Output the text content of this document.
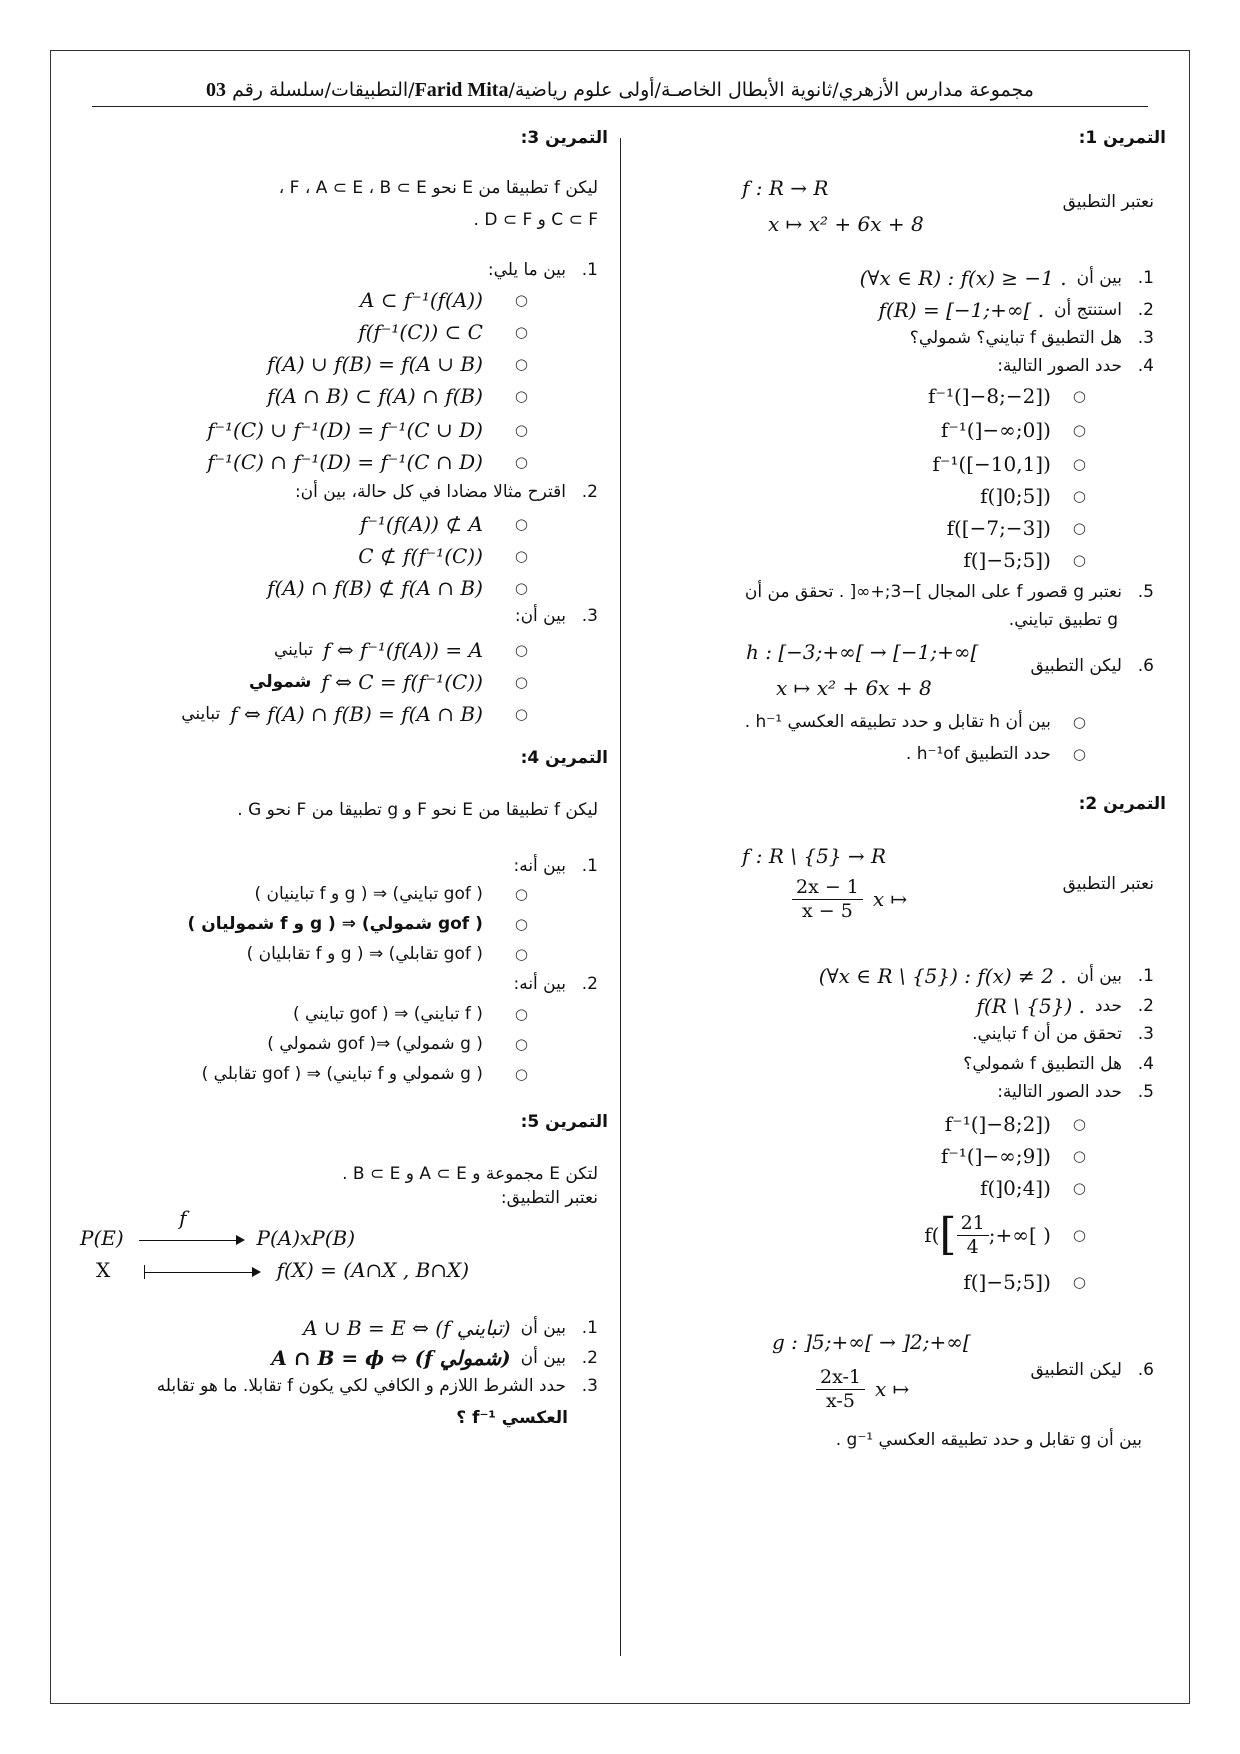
مجموعة مدارس الأزهري/ثانوية الأبطال الخاصـة/أولى علوم رياضية/Farid Mita/التطبيقات/سلسلة رقم 03
التمرين 1:
نعتبر التطبيق
f : R → R
x ↦ x² + 6x + 8
1.
بين أن
(∀x ∈ R) : f(x) ≥ −1 .
2.
استنتج أن
f(R) = [−1;+∞[ .
3.
هل التطبيق f تبايني؟ شمولي؟
4.
حدد الصور التالية:
○
f⁻¹(]−8;−2])
○
f⁻¹(]−∞;0])
○
f⁻¹([−10,1])
○
f(]0;5])
○
f([−7;−3])
○
f(]−5;5])
5.
نعتبر g قصور f على المجال ]−3;+∞[ . تحقق من أن
g تطبيق تبايني.
h : [−3;+∞[ → [−1;+∞[
6.
ليكن التطبيق
x ↦ x² + 6x + 8
○
بين أن h تقابل و حدد تطبيقه العكسي h⁻¹ .
○
حدد التطبيق h⁻¹of .
التمرين 2:
f : R \ {5} → R
نعتبر التطبيق
x ↦
$\frac{2x - 1}{x - 5}$
1.
بين أن
(∀x ∈ R \ {5}) : f(x) ≠ 2 .
2.
حدد
f(R \ {5}) .
3.
تحقق من أن f تبايني.
4.
هل التطبيق f شمولي؟
5.
حدد الصور التالية:
○
f⁻¹(]−8;2])
○
f⁻¹(]−∞;9])
○
f(]0;4])
○
f( [ $\frac{21}{4}$ ;+∞[ )
○
f(]−5;5])
g : ]5;+∞[ → ]2;+∞[
6.
ليكن التطبيق
x ↦
$\frac{2x-1}{x-5}$
بين أن g تقابل و حدد تطبيقه العكسي g⁻¹ .
التمرين 3:
ليكن f تطبيقا من E نحو F ، A ⊂ E ، B ⊂ E ،
C ⊂ F و D ⊂ F .
1.
بين ما يلي:
○
A ⊂ f⁻¹(f(A))
○
f(f⁻¹(C)) ⊂ C
○
f(A) ∪ f(B) = f(A ∪ B)
○
f(A ∩ B) ⊂ f(A) ∩ f(B)
○
f⁻¹(C) ∪ f⁻¹(D) = f⁻¹(C ∪ D)
○
f⁻¹(C) ∩ f⁻¹(D) = f⁻¹(C ∩ D)
2.
اقترح مثالا مضادا في كل حالة، بين أن:
○
f⁻¹(f(A)) ⊄ A
○
C ⊄ f(f⁻¹(C))
○
f(A) ∩ f(B) ⊄ f(A ∩ B)
3.
بين أن:
○
f ⇔ f⁻¹(f(A)) = A
تبايني
○
f ⇔ C = f(f⁻¹(C))
شمولي
○
f ⇔ f(A) ∩ f(B) = f(A ∩ B)
تبايني
التمرين 4:
ليكن f تطبيقا من E نحو F و g تطبيقا من F نحو G .
1.
بين أنه:
○
( gof تبايني) ⇒ ( g و f تباينيان )
○
( gof شمولي) ⇒ ( g و f شموليان )
○
( gof تقابلي) ⇒ ( g و f تقابليان )
2.
بين أنه:
○
( f تبايني) ⇒ ( gof تبايني )
○
( g شمولي) ⇒( gof شمولي )
○
( g شمولي و f تبايني) ⇒ ( gof تقابلي )
التمرين 5:
لتكن E مجموعة و A ⊂ E و B ⊂ E .
نعتبر التطبيق:
P(E)
f
P(A)xP(B)
X	f(X) = (A∩X , B∩X)
1.
بين أن
A ∪ B = E ⇔ (f تبايني)
2.
بين أن
A ∩ B = ϕ ⇔ (f شمولي)
3.
حدد الشرط اللازم و الكافي لكي يكون f تقابلا. ما هو تقابله
العكسي f⁻¹ ؟
